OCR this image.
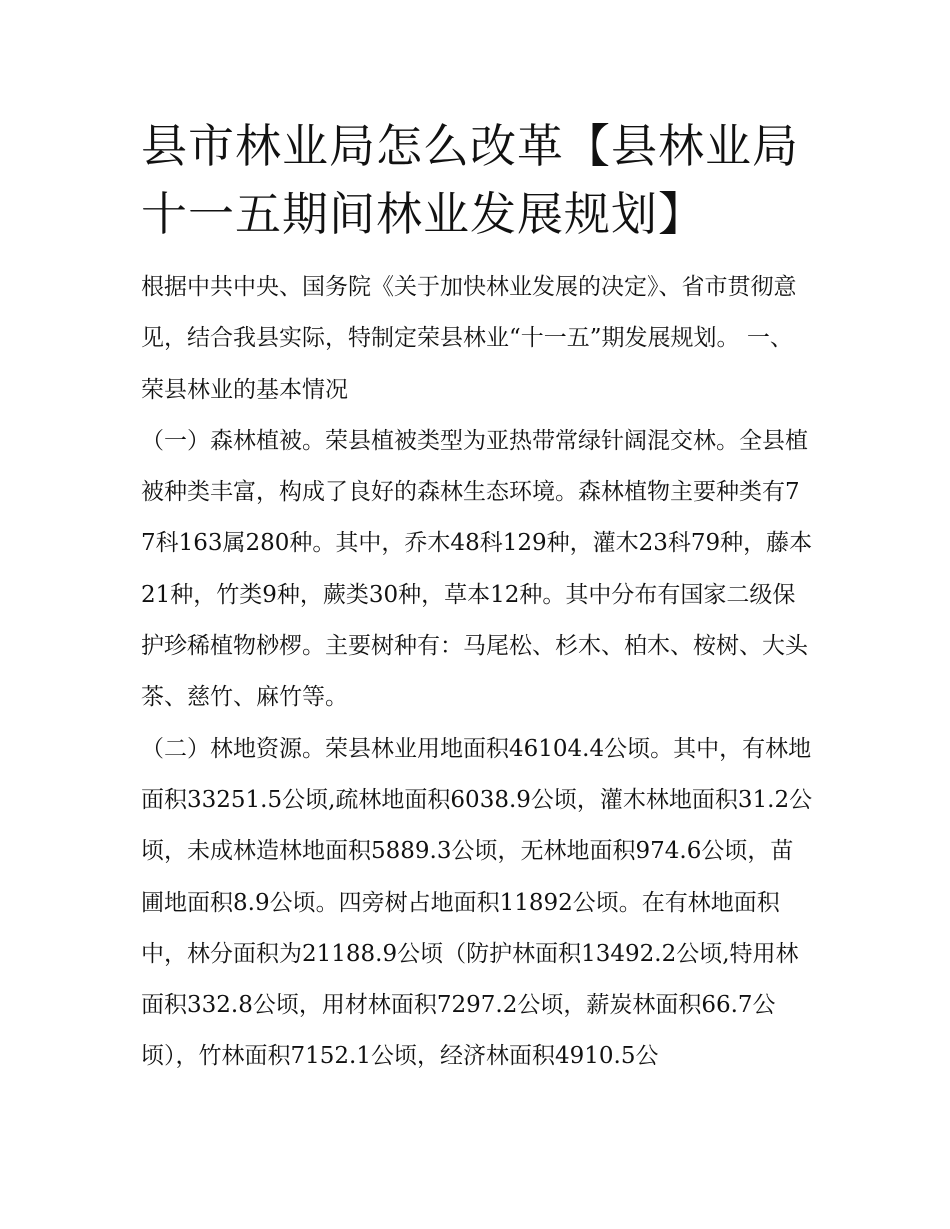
县市林业局怎么改革【县林业局十一五期间林业发展规划】

根据中共中央、国务院《关于加快林业发展的决定》、省市贯彻意见，结合我县实际，特制定荣县林业“十一五”期发展规划。 一、荣县林业的基本情况

（一）森林植被。荣县植被类型为亚热带常绿针阔混交林。全县植被种类丰富，构成了良好的森林生态环境。森林植物主要种类有77科163属280种。其中，乔木48科129种，灌木23科79种，藤本21种，竹类9种，蕨类30种，草本12种。其中分布有国家二级保护珍稀植物桫椤。主要树种有：马尾松、杉木、柏木、桉树、大头茶、慈竹、麻竹等。

（二）林地资源。荣县林业用地面积46104.4公顷。其中，有林地面积33251.5公顷,疏林地面积6038.9公顷，灌木林地面积31.2公顷，未成林造林地面积5889.3公顷，无林地面积974.6公顷，苗圃地面积8.9公顷。四旁树占地面积11892公顷。在有林地面积中，林分面积为21188.9公顷（防护林面积13492.2公顷,特用林面积332.8公顷，用材林面积7297.2公顷，薪炭林面积66.7公顷），竹林面积7152.1公顷，经济林面积4910.5公
